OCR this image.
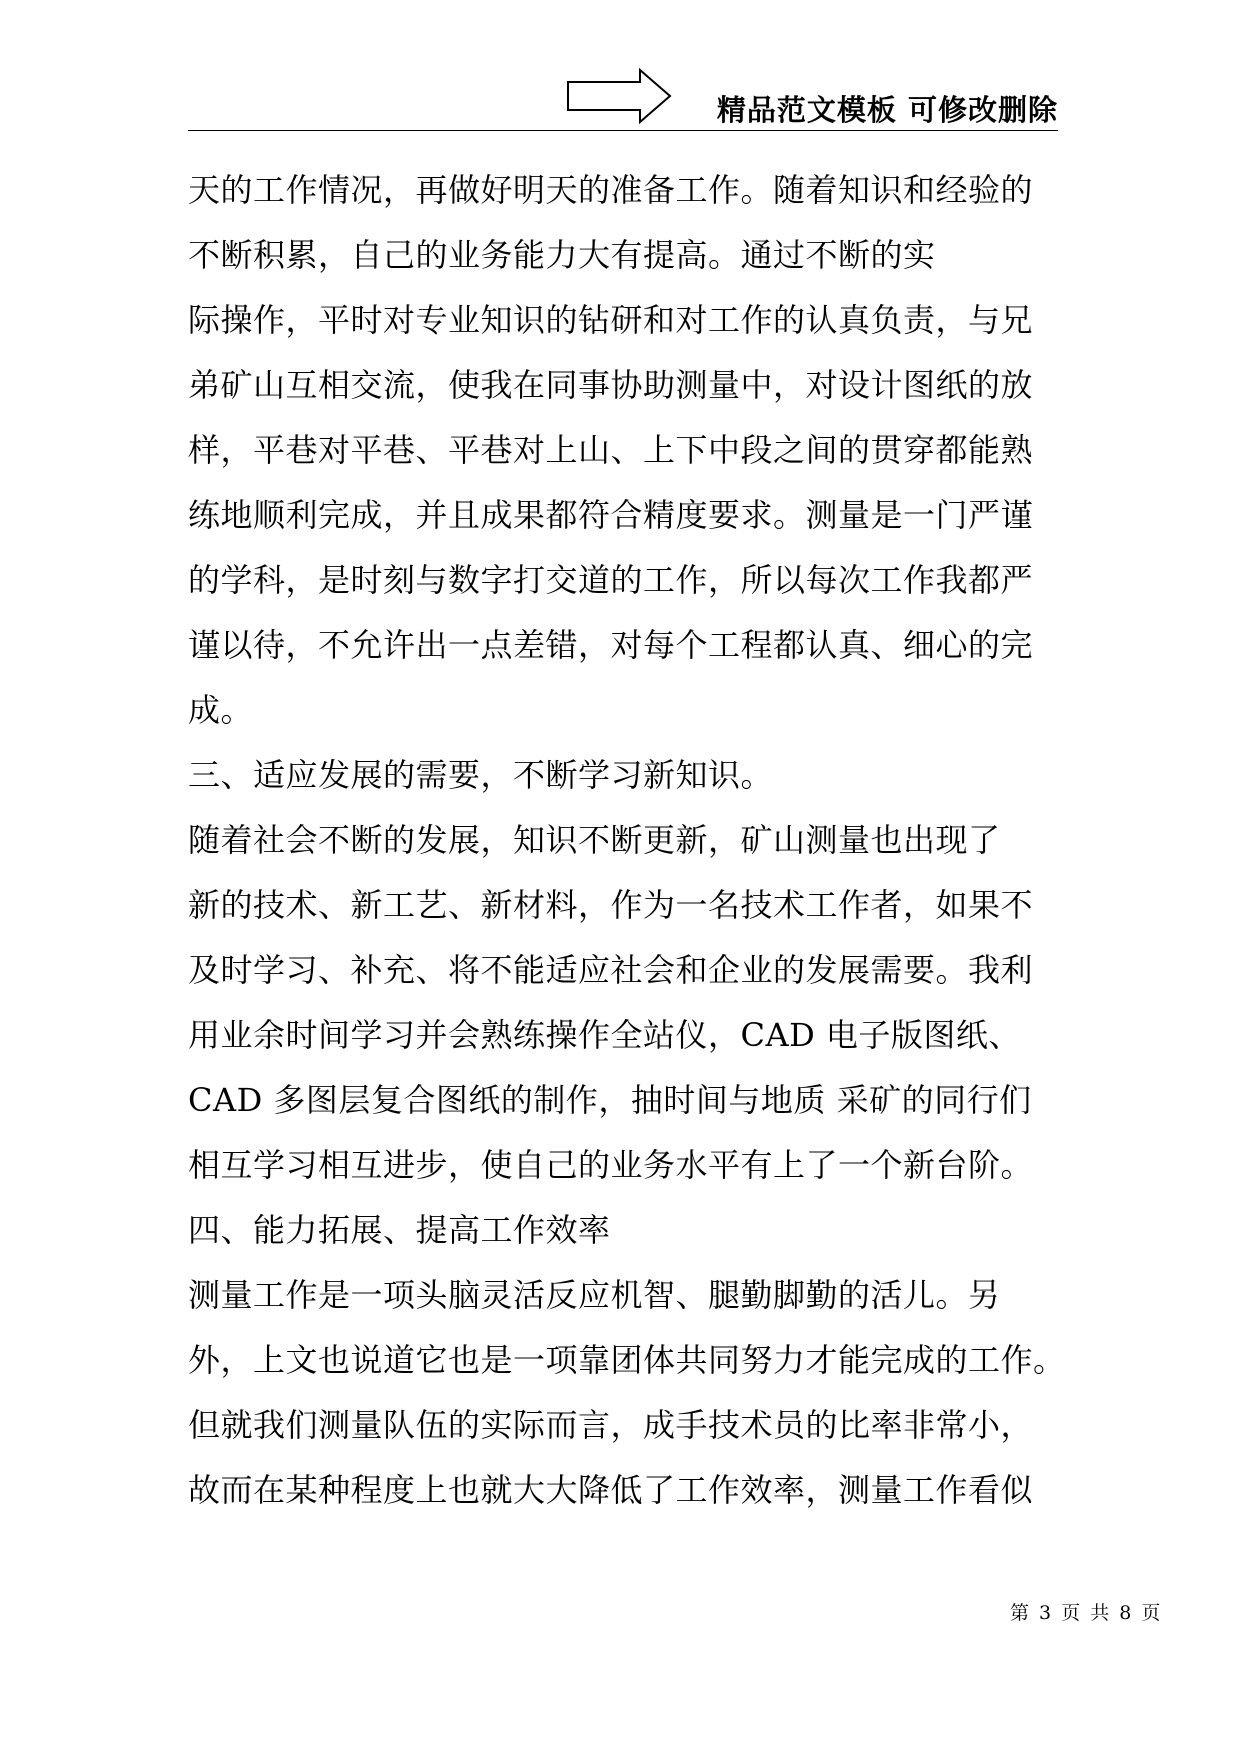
精品范文模板 可修改删除
天的工作情况，再做好明天的准备工作。随着知识和经验的
不断积累，自己的业务能力大有提高。通过不断的实
际操作，平时对专业知识的钻研和对工作的认真负责，与兄
弟矿山互相交流，使我在同事协助测量中，对设计图纸的放
样，平巷对平巷、平巷对上山、上下中段之间的贯穿都能熟
练地顺利完成，并且成果都符合精度要求。测量是一门严谨
的学科，是时刻与数字打交道的工作，所以每次工作我都严
谨以待，不允许出一点差错，对每个工程都认真、细心的完
成。
三、适应发展的需要，不断学习新知识。
随着社会不断的发展，知识不断更新，矿山测量也出现了
新的技术、新工艺、新材料，作为一名技术工作者，如果不
及时学习、补充、将不能适应社会和企业的发展需要。我利
用业余时间学习并会熟练操作全站仪，CAD 电子版图纸、
CAD 多图层复合图纸的制作，抽时间与地质 采矿的同行们
相互学习相互进步，使自己的业务水平有上了一个新台阶。
四、能力拓展、提高工作效率
测量工作是一项头脑灵活反应机智、腿勤脚勤的活儿。另
外，上文也说道它也是一项靠团体共同努力才能完成的工作。
但就我们测量队伍的实际而言，成手技术员的比率非常小，
故而在某种程度上也就大大降低了工作效率，测量工作看似
第 3 页 共 8 页
